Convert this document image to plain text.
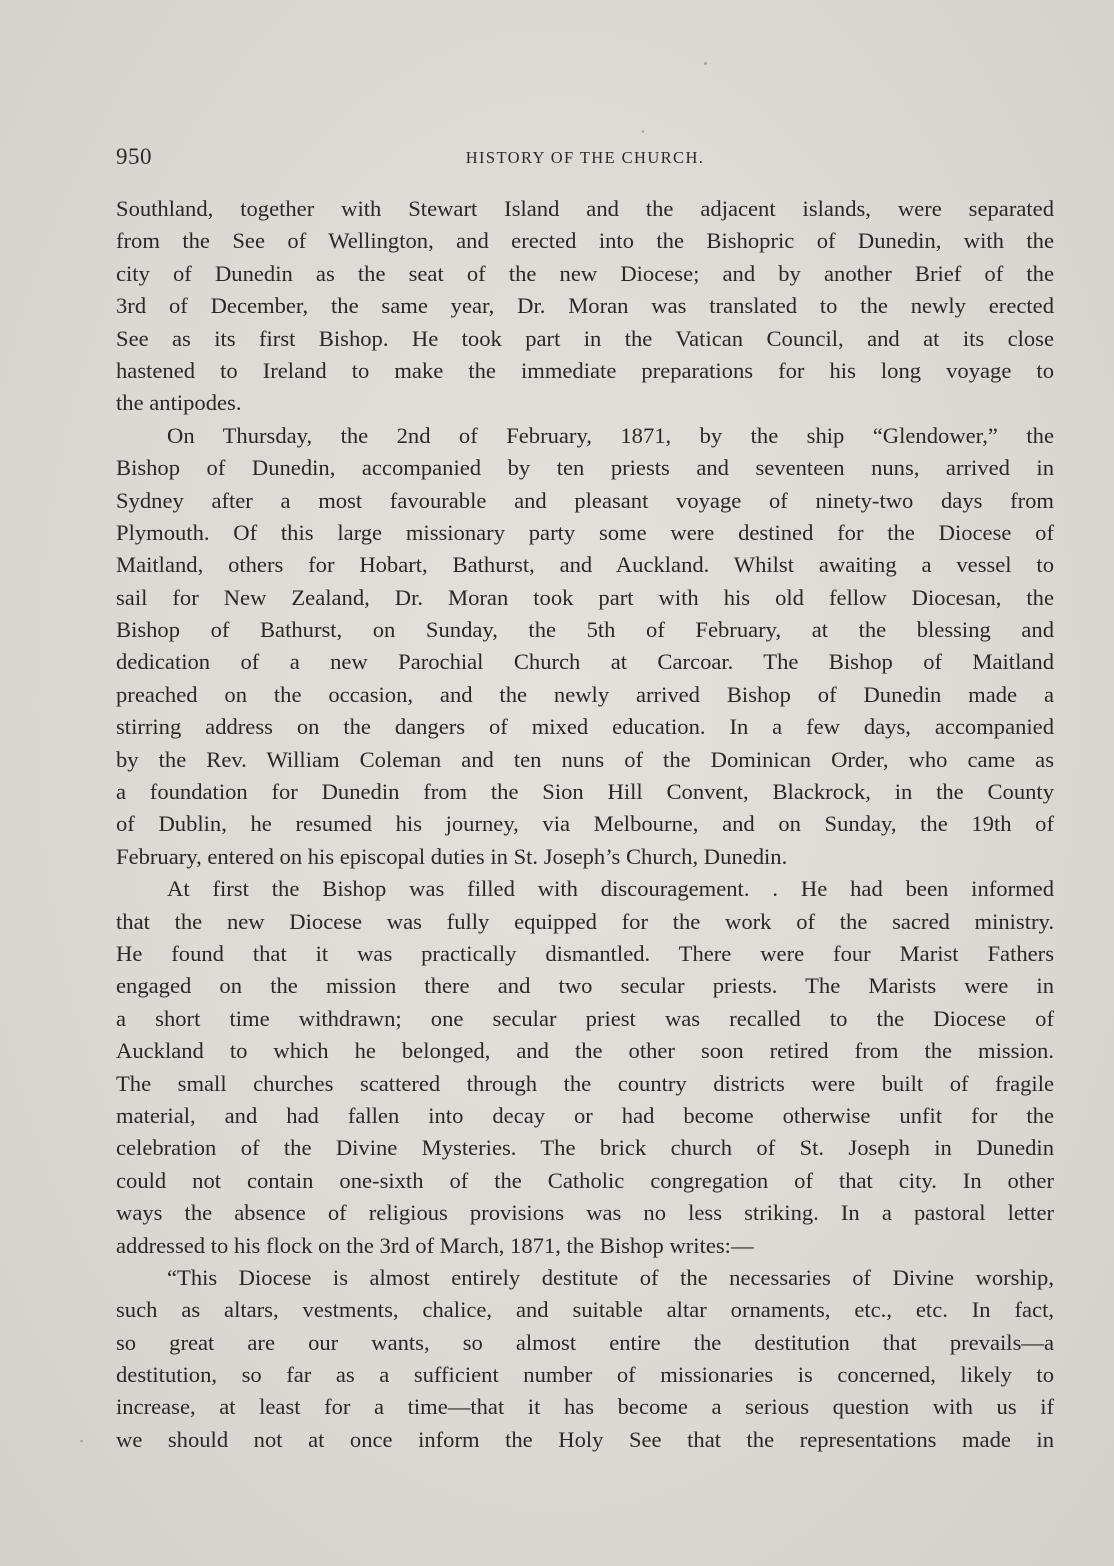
950	HISTORY OF THE CHURCH.
Southland, together with Stewart Island and the adjacent islands, were separated
from the See of Wellington, and erected into the Bishopric of Dunedin, with the
city of Dunedin as the seat of the new Diocese; and by another Brief of the
3rd of December, the same year, Dr. Moran was translated to the newly erected
See as its first Bishop. He took part in the Vatican Council, and at its close
hastened to Ireland to make the immediate preparations for his long voyage to
the antipodes.
On Thursday, the 2nd of February, 1871, by the ship “Glendower,” the
Bishop of Dunedin, accompanied by ten priests and seventeen nuns, arrived in
Sydney after a most favourable and pleasant voyage of ninety-two days from
Plymouth. Of this large missionary party some were destined for the Diocese of
Maitland, others for Hobart, Bathurst, and Auckland. Whilst awaiting a vessel to
sail for New Zealand, Dr. Moran took part with his old fellow Diocesan, the
Bishop of Bathurst, on Sunday, the 5th of February, at the blessing and
dedication of a new Parochial Church at Carcoar. The Bishop of Maitland
preached on the occasion, and the newly arrived Bishop of Dunedin made a
stirring address on the dangers of mixed education. In a few days, accompanied
by the Rev. William Coleman and ten nuns of the Dominican Order, who came as
a foundation for Dunedin from the Sion Hill Convent, Blackrock, in the County
of Dublin, he resumed his journey, via Melbourne, and on Sunday, the 19th of
February, entered on his episcopal duties in St. Joseph’s Church, Dunedin.
At first the Bishop was filled with discouragement. . He had been informed
that the new Diocese was fully equipped for the work of the sacred ministry.
He found that it was practically dismantled. There were four Marist Fathers
engaged on the mission there and two secular priests. The Marists were in
a short time withdrawn; one secular priest was recalled to the Diocese of
Auckland to which he belonged, and the other soon retired from the mission.
The small churches scattered through the country districts were built of fragile
material, and had fallen into decay or had become otherwise unfit for the
celebration of the Divine Mysteries. The brick church of St. Joseph in Dunedin
could not contain one-sixth of the Catholic congregation of that city. In other
ways the absence of religious provisions was no less striking. In a pastoral letter
addressed to his flock on the 3rd of March, 1871, the Bishop writes:—
“This Diocese is almost entirely destitute of the necessaries of Divine worship,
such as altars, vestments, chalice, and suitable altar ornaments, etc., etc. In fact,
so great are our wants, so almost entire the destitution that prevails—a
destitution, so far as a sufficient number of missionaries is concerned, likely to
increase, at least for a time—that it has become a serious question with us if
we should not at once inform the Holy See that the representations made in
